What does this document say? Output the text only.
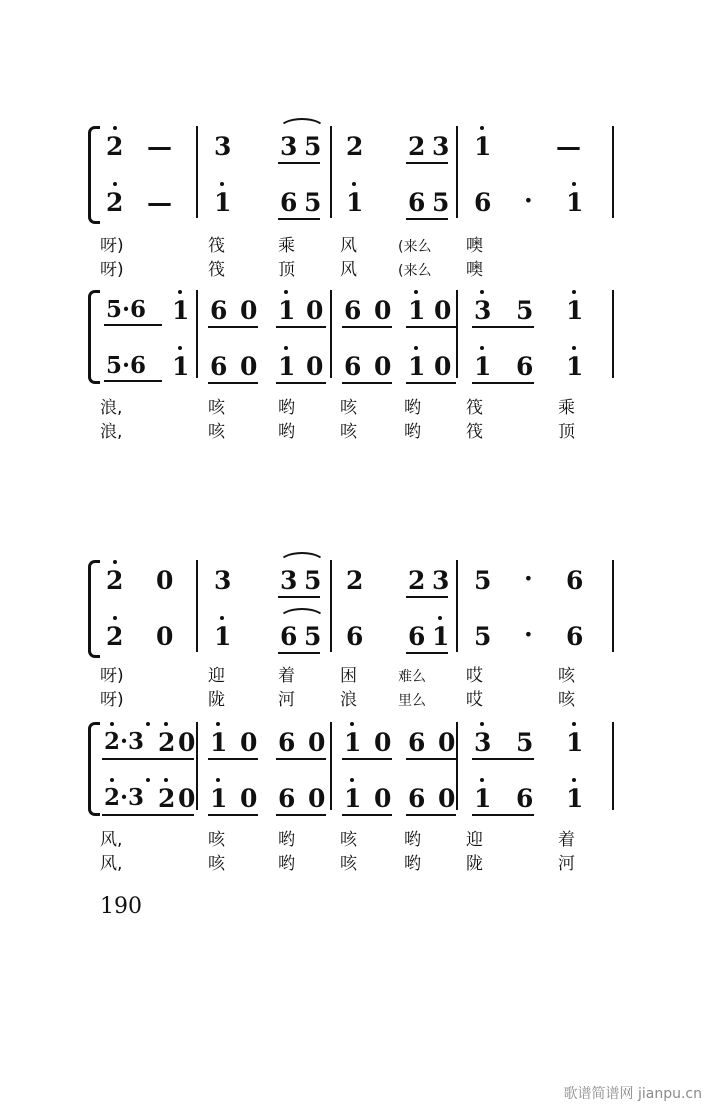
2 — 3 3 5 2 2 3 1	—
2 — 1 6 5 1 6 5 6 · 1
呀)
呀)
筏
筏
乘
顶
风
风
(来么
(来么
噢
噢
5·6 1 6 0 1 0 6 0 1 0 3 5 1
5·6 1 6 0 1 0 6 0 1 0 1 6 1
浪,
浪,
咳
咳
哟
哟
咳
咳
哟
哟
筏
筏
乘
顶
2 0 3 3 5 2 2 3 5 · 6
2 0 1 6 5 6 6 1 5 · 6
呀)
呀)
迎
陇
着
河
困
浪
难么
里么
哎
哎
咳
咳
2·3 2 0 1 0 6 0 1 0 6 0 3 5 1
2·3 2 0 1 0 6 0 1 0 6 0 1 6 1
风,
风,
咳
咳
哟
哟
咳
咳
哟
哟
迎
陇
着
河
190
歌谱简谱网 jianpu.cn
